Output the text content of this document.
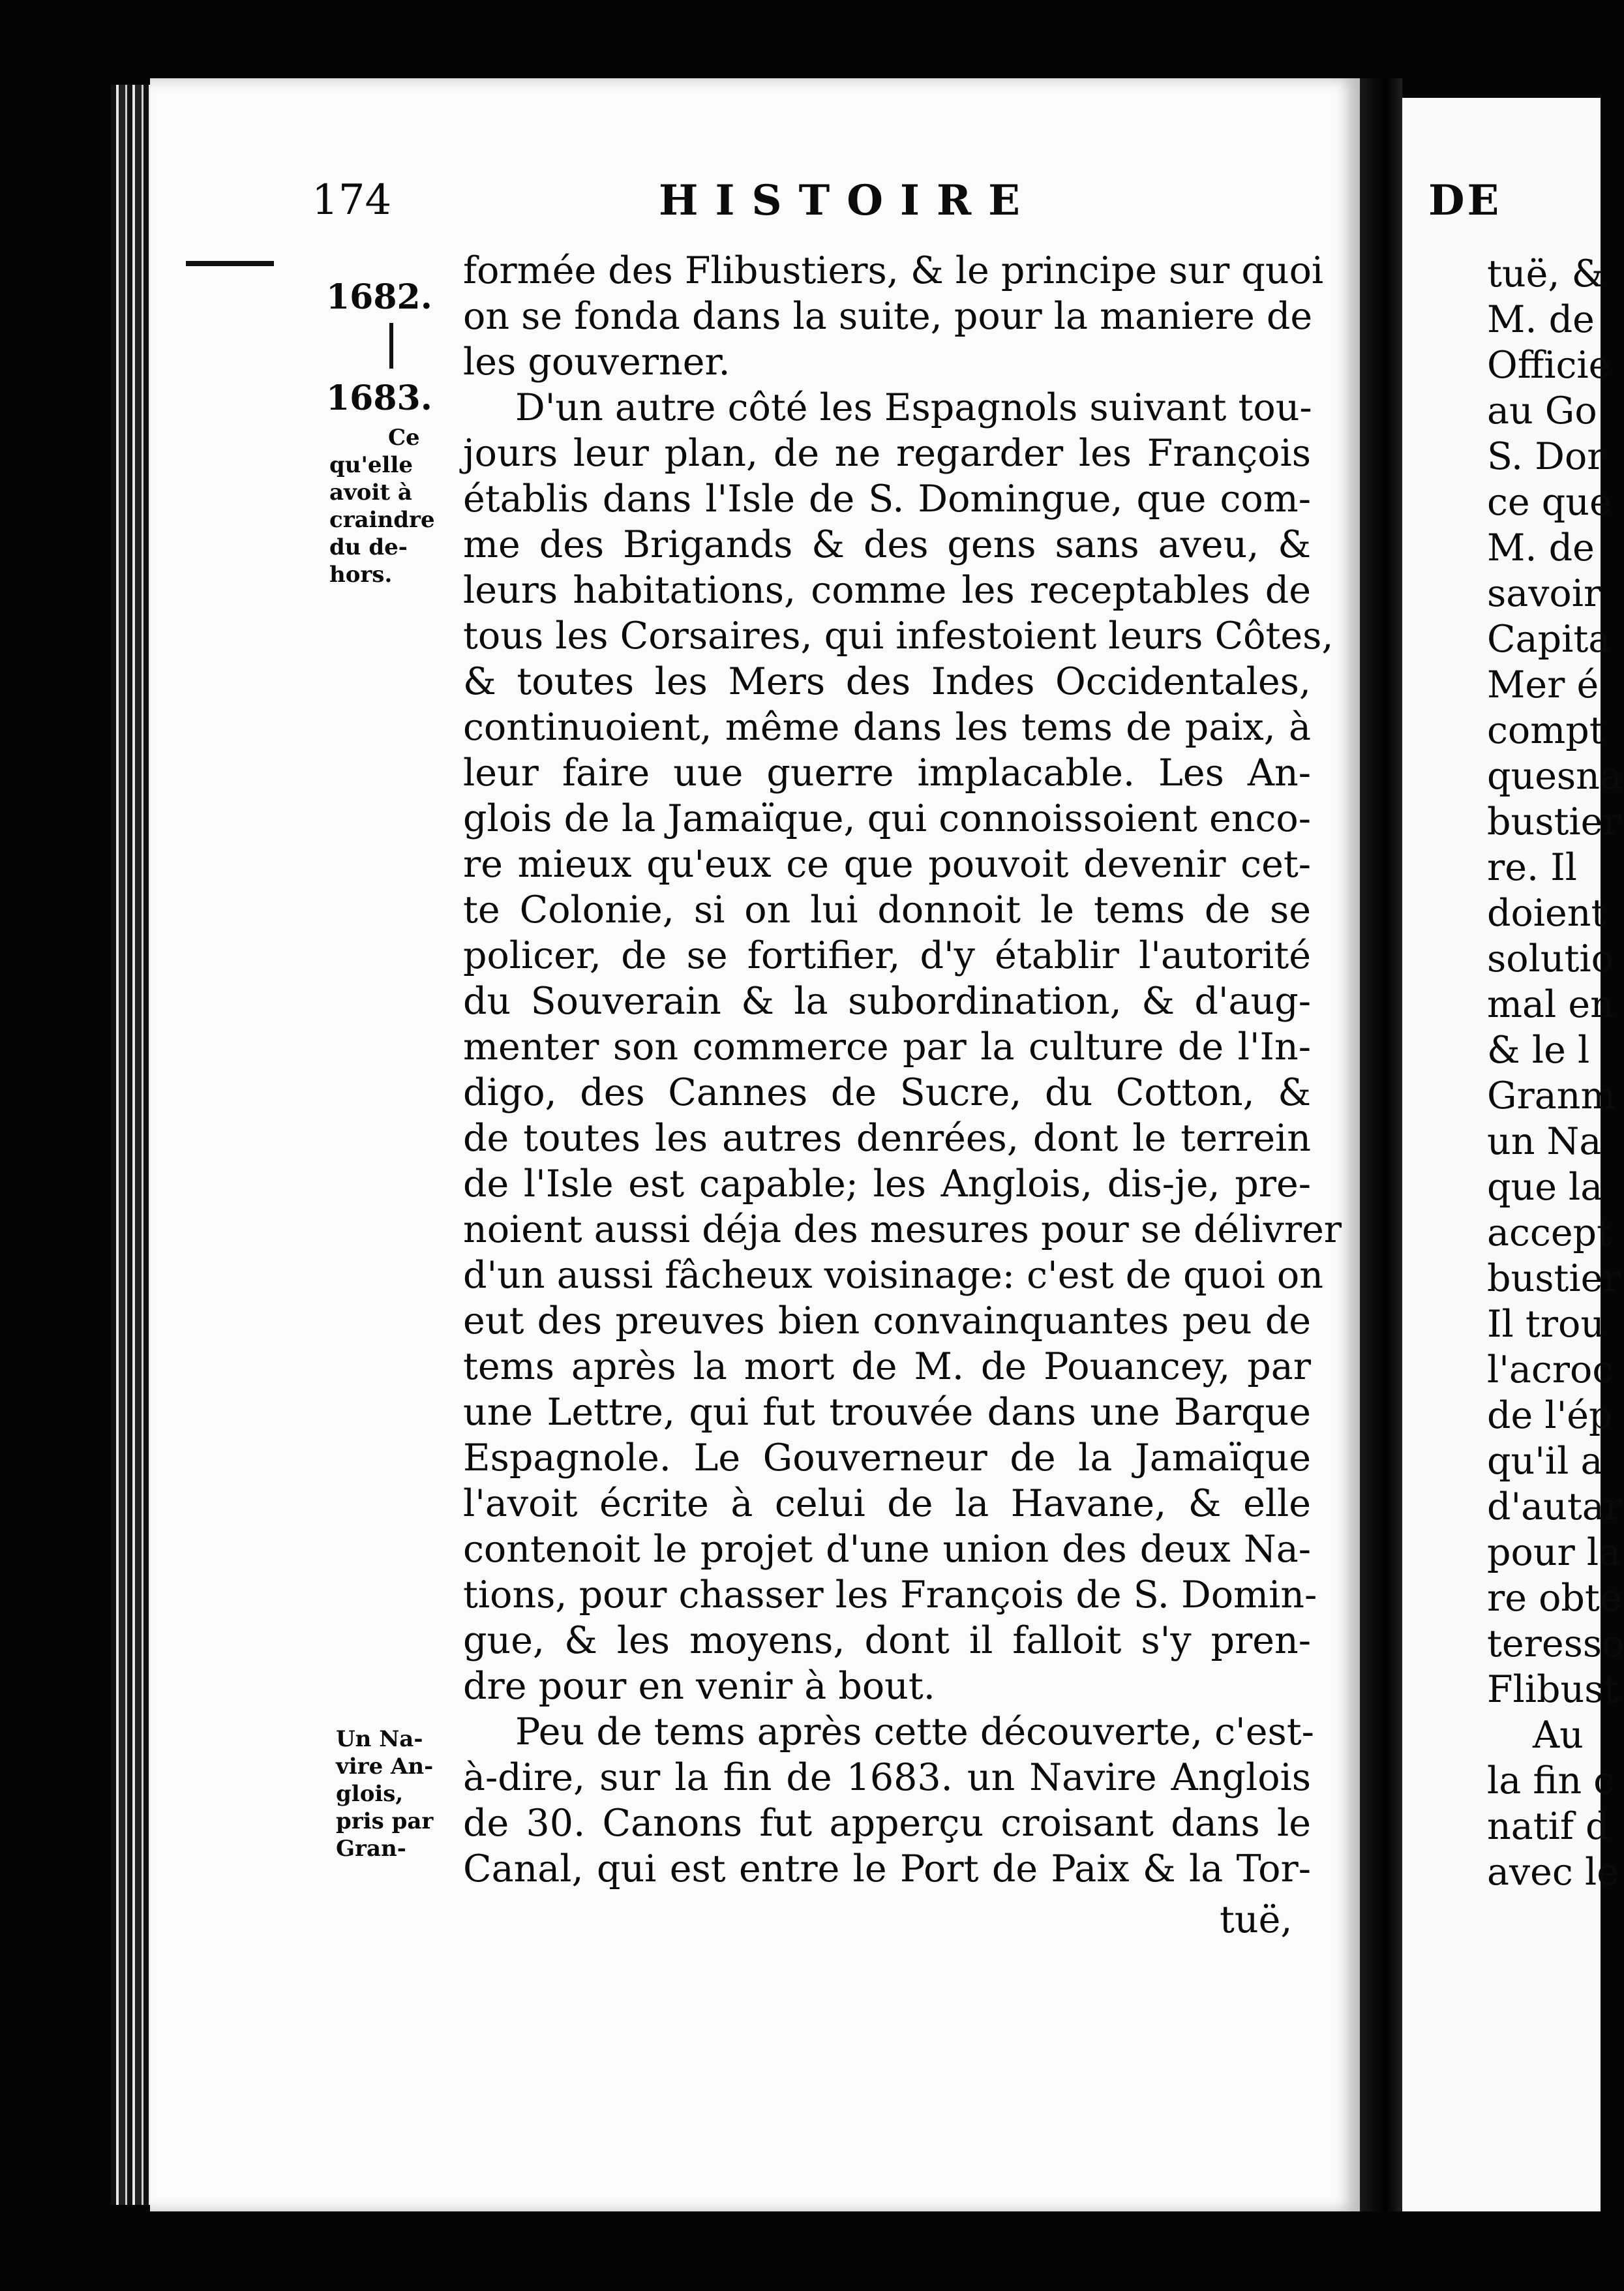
174	HISTOIRE
1682.
1683.
Ce
qu'elle
avoit à
craindre
du de-
hors.
Un Na-
vire An-
glois,
pris par
Gran-
formée des Flibustiers, & le principe sur quoi
on se fonda dans la suite, pour la maniere de
les gouverner.
D'un autre côté les Espagnols suivant tou-
jours leur plan, de ne regarder les François
établis dans l'Isle de S. Domingue, que com-
me des Brigands & des gens sans aveu, &
leurs habitations, comme les receptables de
tous les Corsaires, qui infestoient leurs Côtes,
& toutes les Mers des Indes Occidentales,
continuoient, même dans les tems de paix, à
leur faire uue guerre implacable. Les An-
glois de la Jamaïque, qui connoissoient enco-
re mieux qu'eux ce que pouvoit devenir cet-
te Colonie, si on lui donnoit le tems de se
policer, de se fortifier, d'y établir l'autorité
du Souverain & la subordination, & d'aug-
menter son commerce par la culture de l'In-
digo, des Cannes de Sucre, du Cotton, &
de toutes les autres denrées, dont le terrein
de l'Isle est capable; les Anglois, dis-je, pre-
noient aussi déja des mesures pour se délivrer
d'un aussi fâcheux voisinage: c'est de quoi on
eut des preuves bien convainquantes peu de
tems après la mort de M. de Pouancey, par
une Lettre, qui fut trouvée dans une Barque
Espagnole. Le Gouverneur de la Jamaïque
l'avoit écrite à celui de la Havane, & elle
contenoit le projet d'une union des deux Na-
tions, pour chasser les François de S. Domin-
gue, & les moyens, dont il falloit s'y pren-
dre pour en venir à bout.
Peu de tems après cette découverte, c'est-
à-dire, sur la fin de 1683. un Navire Anglois
de 30. Canons fut apperçu croisant dans le
Canal, qui est entre le Port de Paix & la Tor-
tuë,
DE
tuë, &
M. de
Officie
au Go
S. Dor
ce que
M. de
savoir
Capita
Mer é
compt
quesna
bustier
re. Il
doient
solutio
mal en
& le l
Granm
un Na
que la
accept
bustier
Il trou
l'acroc
de l'ép
qu'il a
d'autar
pour la
re obte
teresso
Flibust
Au
la fin c
natif d
avec le
